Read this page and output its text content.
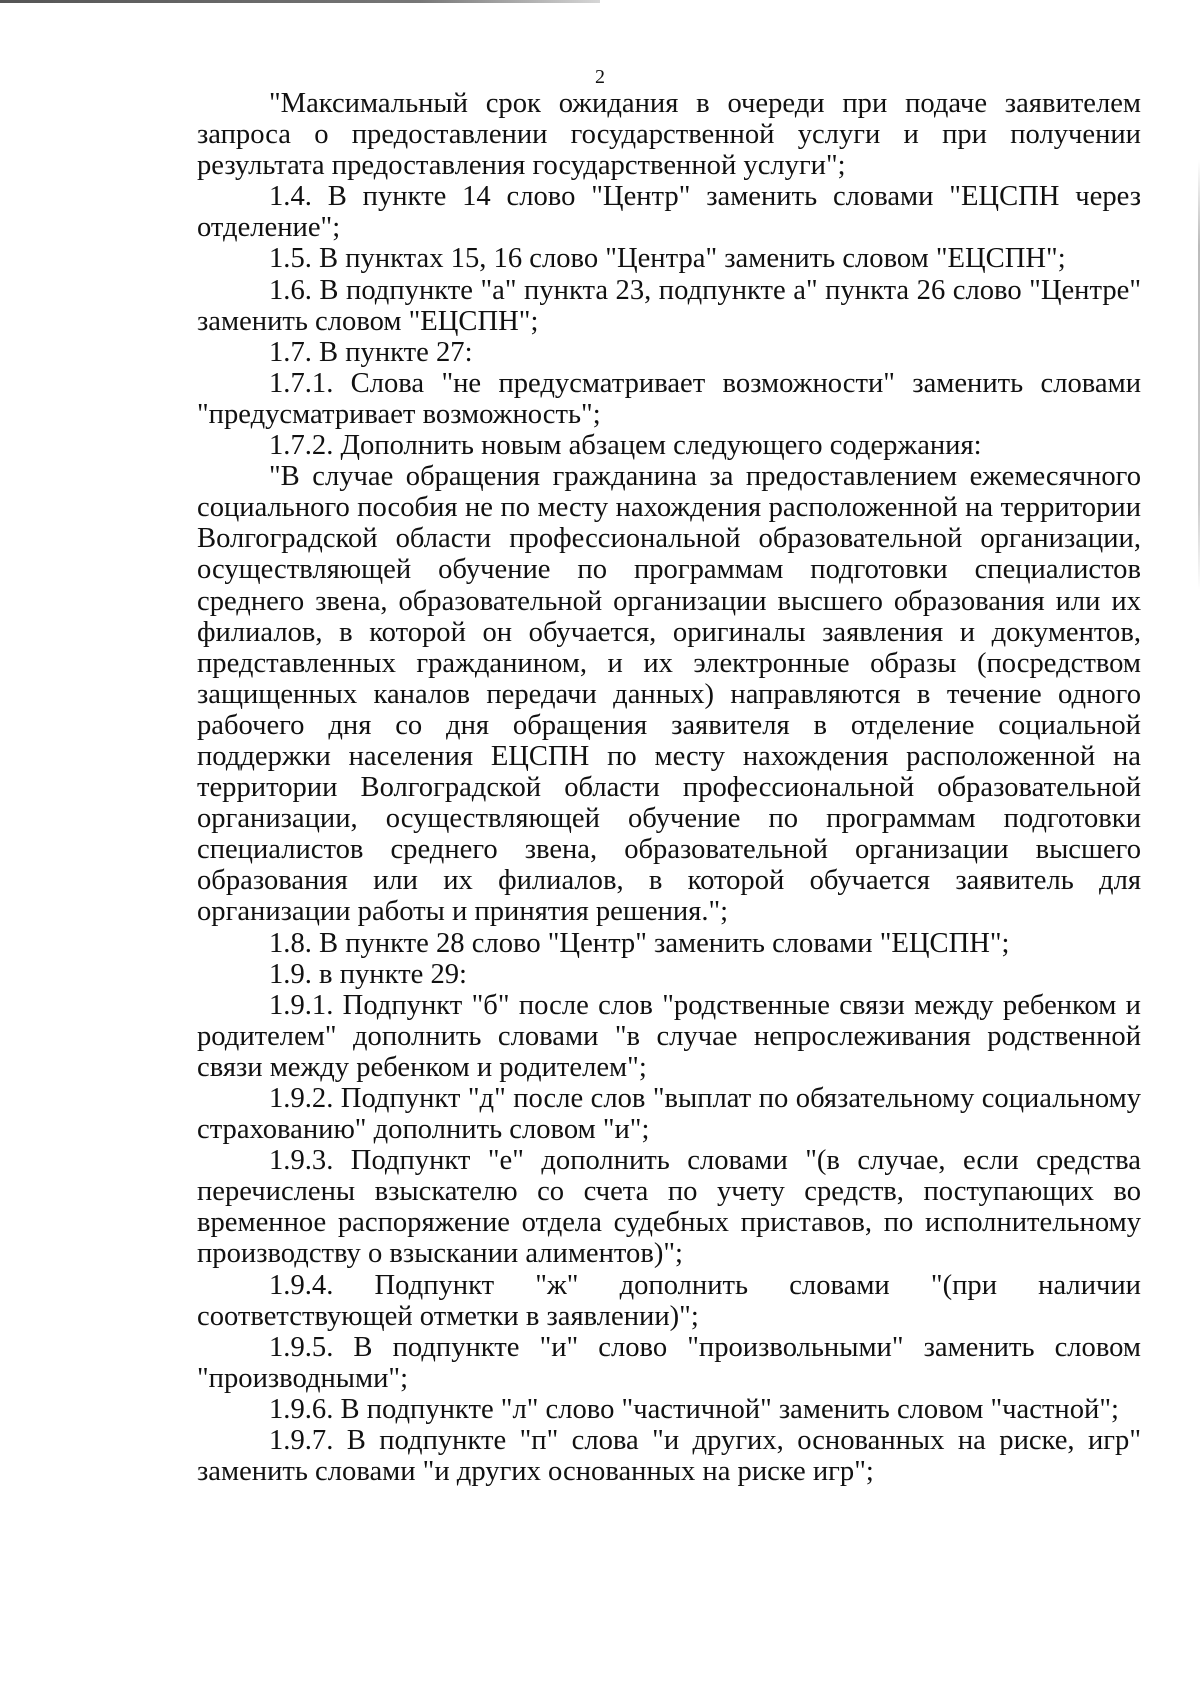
2

"Максимальный срок ожидания в очереди при подаче заявителем запроса о предоставлении государственной услуги и при получении результата предоставления государственной услуги";

1.4. В пункте 14 слово "Центр" заменить словами "ЕЦСПН через отделение";

1.5. В пунктах 15, 16 слово "Центра" заменить словом "ЕЦСПН";

1.6. В подпункте "а" пункта 23, подпункте а" пункта 26 слово "Центре" заменить словом "ЕЦСПН";

1.7. В пункте 27:

1.7.1. Слова "не предусматривает возможности" заменить словами "предусматривает возможность";

1.7.2. Дополнить новым абзацем следующего содержания:

"В случае обращения гражданина за предоставлением ежемесячного социального пособия не по месту нахождения расположенной на территории Волгоградской области профессиональной образовательной организации, осуществляющей обучение по программам подготовки специалистов среднего звена, образовательной организации высшего образования или их филиалов, в которой он обучается, оригиналы заявления и документов, представленных гражданином, и их электронные образы (посредством защищенных каналов передачи данных) направляются в течение одного рабочего дня со дня обращения заявителя в отделение социальной поддержки населения ЕЦСПН по месту нахождения расположенной на территории Волгоградской области профессиональной образовательной организации, осуществляющей обучение по программам подготовки специалистов среднего звена, образовательной организации высшего образования или их филиалов, в которой обучается заявитель для организации работы и принятия решения.";

1.8. В пункте 28 слово "Центр" заменить словами "ЕЦСПН";

1.9. в пункте 29:

1.9.1. Подпункт "б" после слов "родственные связи между ребенком и родителем" дополнить словами "в случае непрослеживания родственной связи между ребенком и родителем";

1.9.2. Подпункт "д" после слов "выплат по обязательному социальному страхованию" дополнить словом "и";

1.9.3. Подпункт "е" дополнить словами "(в случае, если средства перечислены взыскателю со счета по учету средств, поступающих во временное распоряжение отдела судебных приставов, по исполнительному производству о взыскании алиментов)";

1.9.4. Подпункт "ж" дополнить словами "(при наличии соответствующей отметки в заявлении)";

1.9.5. В подпункте "и" слово "произвольными" заменить словом "производными";

1.9.6. В подпункте "л" слово "частичной" заменить словом "частной";

1.9.7. В подпункте "п" слова "и других, основанных на риске, игр" заменить словами "и других основанных на риске игр";
